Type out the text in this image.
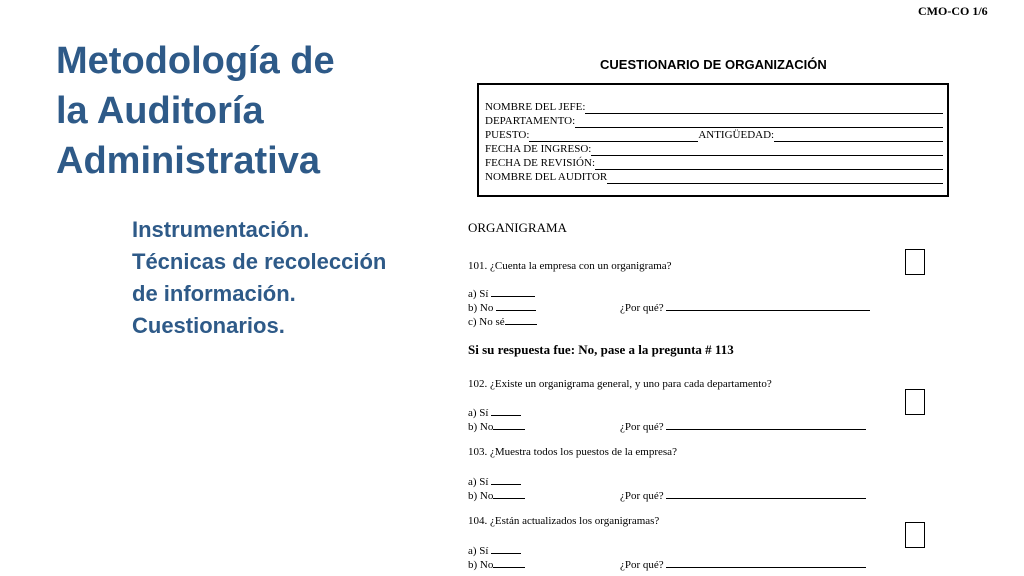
Metodología de
la Auditoría
Administrativa
Instrumentación.
Técnicas de recolección
de información.
Cuestionarios.
CMO-CO 1/6
CUESTIONARIO DE ORGANIZACIÓN
NOMBRE DEL JEFE:
DEPARTAMENTO:
PUESTO:	ANTIGÜEDAD:
FECHA DE INGRESO:
FECHA DE REVISIÓN:
NOMBRE DEL AUDITOR
ORGANIGRAMA
101. ¿Cuenta la empresa con un organigrama?
a) Sí
b) No
c) No sé
¿Por qué?
Si su respuesta fue: No, pase a la pregunta # 113
102. ¿Existe un organigrama general, y uno para cada departamento?
a) Sí
b) No	¿Por qué?
103. ¿Muestra todos los puestos de la empresa?
a) Sí
b) No	¿Por qué?
104. ¿Están actualizados los organigramas?
a) Sí
b) No	¿Por qué?
